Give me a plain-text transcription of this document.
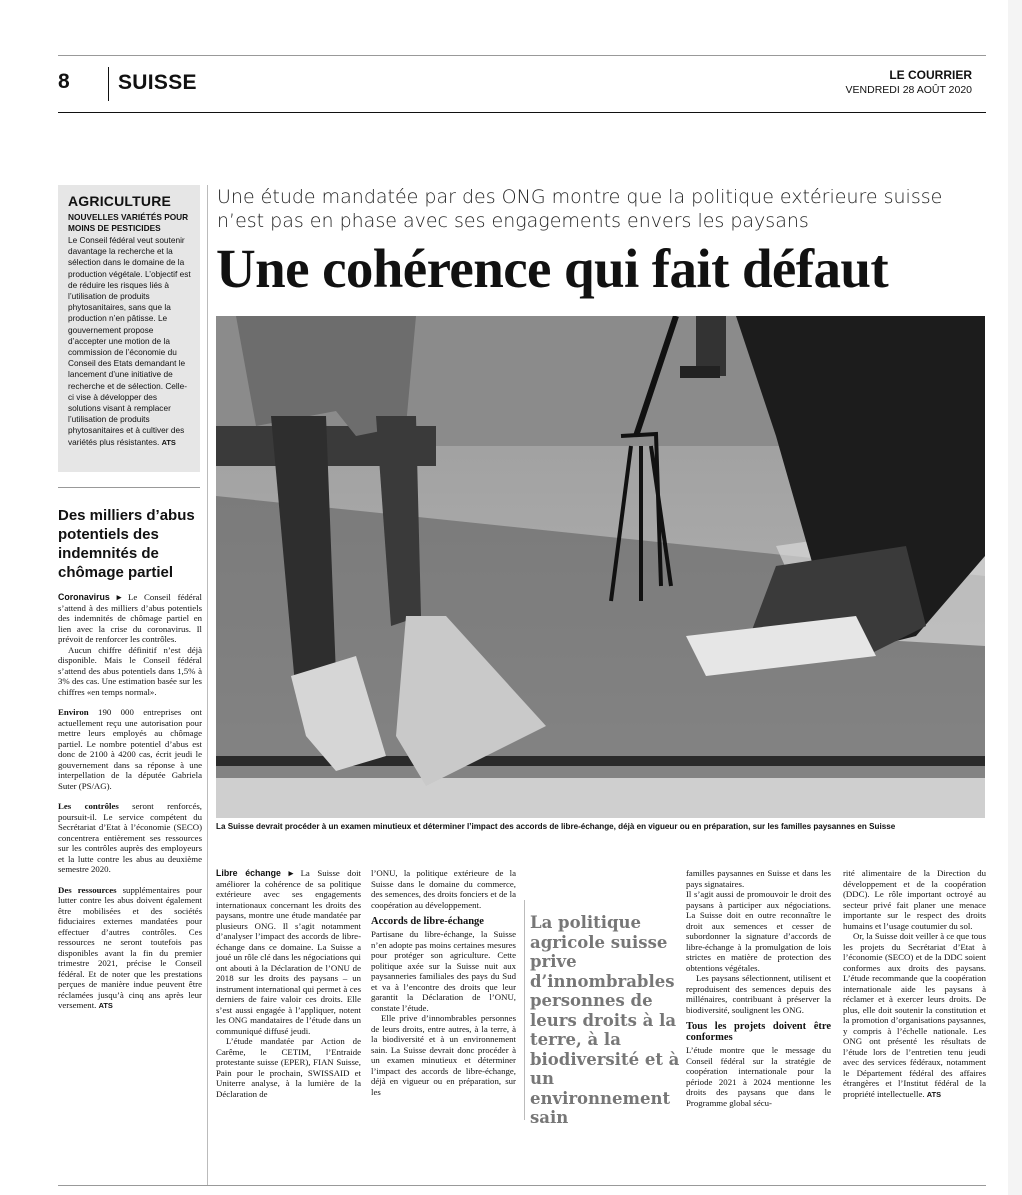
8 SUISSE	LE COURRIER
VENDREDI 28 AOÛT 2020
AGRICULTURE
NOUVELLES VARIÉTÉS POUR MOINS DE PESTICIDES
Le Conseil fédéral veut soutenir davantage la recherche et la sélection dans le domaine de la production végétale. L’objectif est de réduire les risques liés à l’utilisation de produits phytosanitaires, sans que la production n’en pâtisse. Le gouvernement propose d’accepter une motion de la commission de l’économie du Conseil des Etats demandant le lancement d’une initiative de recherche et de sélection. Celle-ci vise à développer des solutions visant à remplacer l’utilisation de produits phytosanitaires et à cultiver des variétés plus résistantes. ATS
Des milliers d’abus potentiels des indemnités de chômage partiel

Coronavirus ▸ Le Conseil fédéral s’attend à des milliers d’abus potentiels des indemnités de chômage partiel en lien avec la crise du coronavirus. Il prévoit de renforcer les contrôles.

Aucun chiffre définitif n’est déjà disponible. Mais le Conseil fédéral s’attend des abus potentiels dans 1,5% à 3% des cas. Une estimation basée sur les chiffres «en temps normal».

Environ 190 000 entreprises ont actuellement reçu une autorisation pour mettre leurs employés au chômage partiel. Le nombre potentiel d’abus est donc de 2100 à 4200 cas, écrit jeudi le gouvernement dans sa réponse à une interpellation de la députée Gabriela Suter (PS/AG).

Les contrôles seront renforcés, poursuit-il. Le service compétent du Secrétariat d’Etat à l’économie (SECO) concentrera entièrement ses ressources sur les contrôles auprès des employeurs et la lutte contre les abus au deuxième semestre 2020.

Des ressources supplémentaires pour lutter contre les abus doivent également être mobilisées et des sociétés fiduciaires externes mandatées pour effectuer d’autres contrôles. Ces ressources ne seront toutefois pas disponibles avant la fin du premier trimestre 2021, précise le Conseil fédéral. Et de noter que les prestations perçues de manière indue peuvent être réclamées jusqu’à cinq ans après leur versement. ATS

Une étude mandatée par des ONG montre que la politique extérieure suisse n’est pas en phase avec ses engagements envers les paysans
Une cohérence qui fait défaut
La Suisse devrait procéder à un examen minutieux et déterminer l’impact des accords de libre-échange, déjà en vigueur ou en préparation, sur les familles paysannes en Suisse

Libre échange ▸ La Suisse doit améliorer la cohérence de sa politique extérieure avec ses engagements internationaux concernant les droits des paysans, montre une étude mandatée par plusieurs ONG. Il s’agit notamment d’analyser l’impact des accords de libre-échange dans ce domaine. La Suisse a joué un rôle clé dans les négociations qui ont abouti à la Déclaration de l’ONU de 2018 sur les droits des paysans – un instrument international qui permet à ces derniers de faire valoir ces droits. Elle s’est aussi engagée à l’appliquer, notent les ONG mandataires de l’étude dans un communiqué diffusé jeudi.

L’étude mandatée par Action de Carême, le CETIM, l’Entraide protestante suisse (EPER), FIAN Suisse, Pain pour le prochain, SWISSAID et Uniterre analyse, à la lumière de la Déclaration de

l’ONU, la politique extérieure de la Suisse dans le domaine du commerce, des semences, des droits fonciers et de la coopération au développement.

Accords de libre-échange

Partisane du libre-échange, la Suisse n’en adopte pas moins certaines mesures pour protéger son agriculture. Cette politique axée sur la Suisse nuit aux paysanneries familiales des pays du Sud et va à l’encontre des droits que leur garantit la Déclaration de l’ONU, constate l’étude.

Elle prive d’innombrables personnes de leurs droits, entre autres, à la terre, à la biodiversité et à un environnement sain. La Suisse devrait donc procéder à un examen minutieux et déterminer l’impact des accords de libre-échange, déjà en vigueur ou en préparation, sur les

La politique agricole suisse prive d’innombrables personnes de leurs droits à la terre, à la biodiversité et à un environnement sain

familles paysannes en Suisse et dans les pays signataires.

Il s’agit aussi de promouvoir le droit des paysans à participer aux négociations. La Suisse doit en outre reconnaître le droit aux semences et cesser de subordonner la signature d’accords de libre-échange à la promulgation de lois strictes en matière de protection des obtentions végétales.

Les paysans sélectionnent, utilisent et reproduisent des semences depuis des millénaires, contribuant à préserver la biodiversité, soulignent les ONG.

Tous les projets doivent être conformes

L’étude montre que le message du Conseil fédéral sur la stratégie de coopération internationale pour la période 2021 à 2024 mentionne les droits des paysans que dans le Programme global sécu-

rité alimentaire de la Direction du développement et de la coopération (DDC). Le rôle important octroyé au secteur privé fait planer une menace importante sur le respect des droits humains et l’usage coutumier du sol.

Or, la Suisse doit veiller à ce que tous les projets du Secrétariat d’Etat à l’économie (SECO) et de la DDC soient conformes aux droits des paysans. L’étude recommande que la coopération internationale aide les paysans à réclamer et à exercer leurs droits. De plus, elle doit soutenir la constitution et la promotion d’organisations paysannes, y compris à l’échelle nationale. Les ONG ont présenté les résultats de l’étude lors de l’entretien tenu jeudi avec des services fédéraux, notamment le Département fédéral des affaires étrangères et l’Institut fédéral de la propriété intellectuelle. ATS
